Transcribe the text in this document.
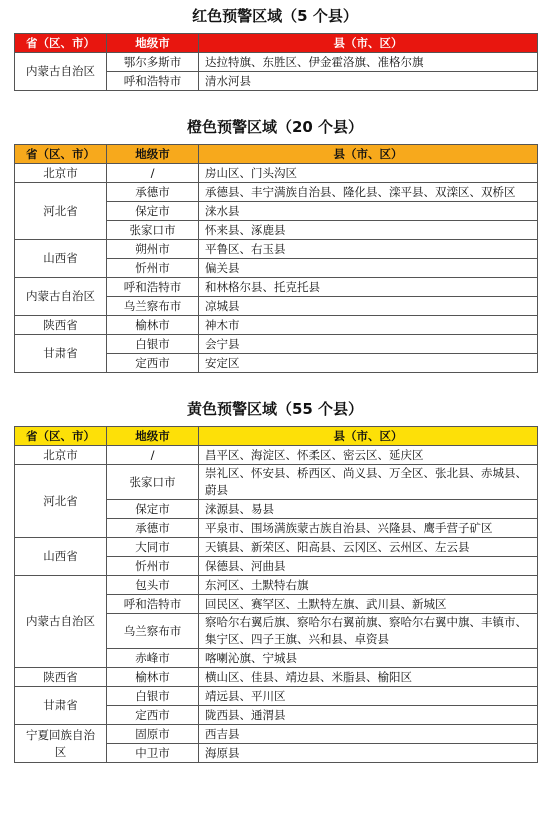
红色预警区域（5 个县）
省（区、市）	地级市	县（市、区）
内蒙古自治区	鄂尔多斯市	达拉特旗、东胜区、伊金霍洛旗、准格尔旗
	呼和浩特市	清水河县
橙色预警区域（20 个县）
省（区、市）	地级市	县（市、区）
北京市	/	房山区、门头沟区
河北省	承德市	承德县、丰宁满族自治县、隆化县、滦平县、双滦区、双桥区
	保定市	涞水县
	张家口市	怀来县、涿鹿县
山西省	朔州市	平鲁区、右玉县
	忻州市	偏关县
内蒙古自治区	呼和浩特市	和林格尔县、托克托县
	乌兰察布市	凉城县
陕西省	榆林市	神木市
甘肃省	白银市	会宁县
	定西市	安定区
黄色预警区域（55 个县）
省（区、市）	地级市	县（市、区）
北京市	/	昌平区、海淀区、怀柔区、密云区、延庆区
河北省	张家口市	崇礼区、怀安县、桥西区、尚义县、万全区、张北县、赤城县、蔚县
	保定市	涞源县、易县
	承德市	平泉市、围场满族蒙古族自治县、兴隆县、鹰手营子矿区
山西省	大同市	天镇县、新荣区、阳高县、云冈区、云州区、左云县
	忻州市	保德县、河曲县
内蒙古自治区	包头市	东河区、土默特右旗
	呼和浩特市	回民区、赛罕区、土默特左旗、武川县、新城区
	乌兰察布市	察哈尔右翼后旗、察哈尔右翼前旗、察哈尔右翼中旗、丰镇市、集宁区、四子王旗、兴和县、卓资县
	赤峰市	喀喇沁旗、宁城县
陕西省	榆林市	横山区、佳县、靖边县、米脂县、榆阳区
甘肃省	白银市	靖远县、平川区
	定西市	陇西县、通渭县
宁夏回族自治区	固原市	西吉县
	中卫市	海原县
